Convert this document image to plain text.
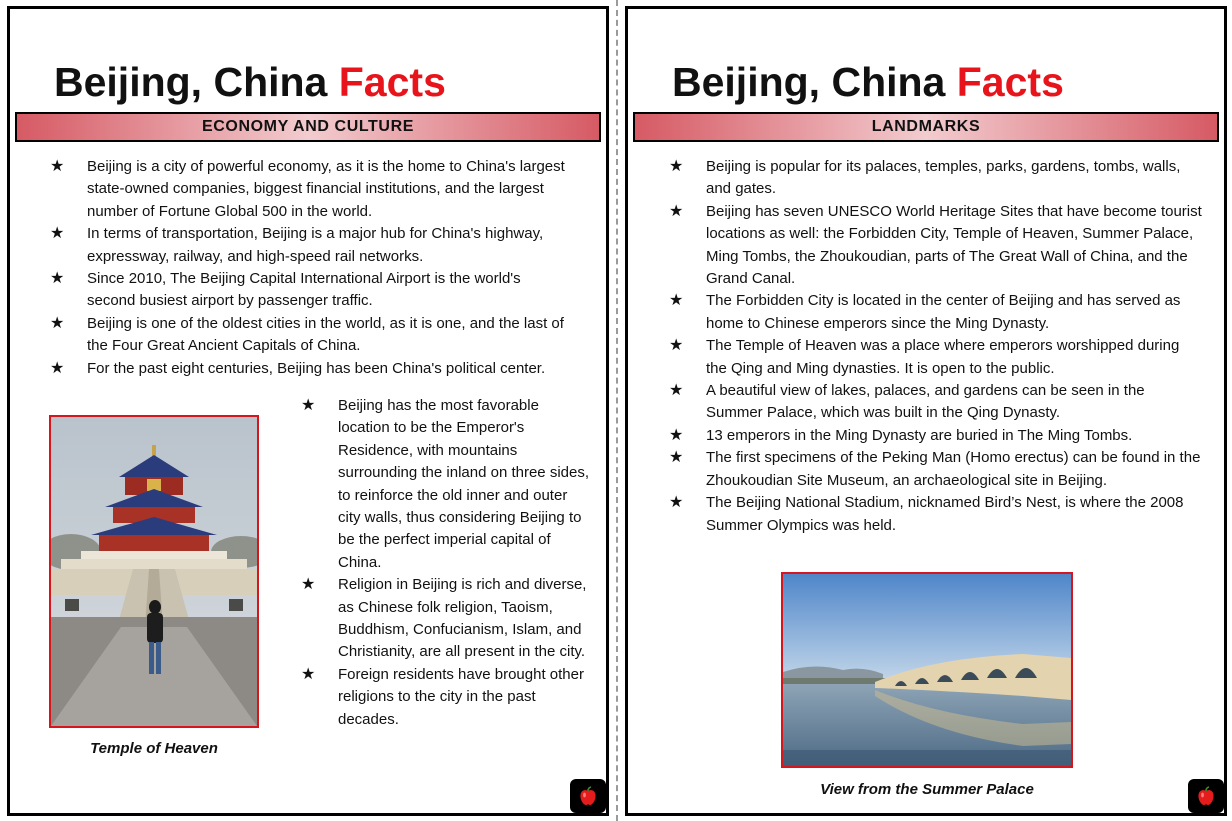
Beijing, China Facts
ECONOMY AND CULTURE
★	Beijing is a city of powerful economy, as it is the home to China's largest state-owned companies, biggest financial institutions, and the largest number of Fortune Global 500 in the world.
★	In terms of transportation, Beijing is a major hub for China's highway, expressway, railway, and high-speed rail networks.
★	Since 2010, The Beijing Capital International Airport is the world's second busiest airport by passenger traffic.
★	Beijing is one of the oldest cities in the world, as it is one, and the last of the Four Great Ancient Capitals of China.
★	For the past eight centuries, Beijing has been China's political center.
Temple of Heaven
★	Beijing has the most favorable location to be the Emperor's Residence, with mountains surrounding the inland on three sides, to reinforce the old inner and outer city walls, thus considering Beijing to be the perfect imperial capital of China.
★	Religion in Beijing is rich and diverse, as Chinese folk religion, Taoism, Buddhism, Confucianism, Islam, and Christianity, are all present in the city.
★	Foreign residents have brought other religions to the city in the past decades.
Beijing, China Facts
LANDMARKS
★	Beijing is popular for its palaces, temples, parks, gardens, tombs, walls, and gates.
★	Beijing has seven UNESCO World Heritage Sites that have become tourist locations as well: the Forbidden City, Temple of Heaven, Summer Palace, Ming Tombs, the Zhoukoudian, parts of The Great Wall of China, and the Grand Canal.
★	The Forbidden City is located in the center of Beijing and has served as home to Chinese emperors since the Ming Dynasty.
★	The Temple of Heaven was a place where emperors worshipped during the Qing and Ming dynasties. It is open to the public.
★	A beautiful view of lakes, palaces, and gardens can be seen in the Summer Palace, which was built in the Qing Dynasty.
★	13 emperors in the Ming Dynasty are buried in The Ming Tombs.
★	The first specimens of the Peking Man (Homo erectus) can be found in the Zhoukoudian Site Museum, an archaeological site in Beijing.
★	The Beijing National Stadium, nicknamed Bird’s Nest, is where the 2008 Summer Olympics was held.
View from the Summer Palace
